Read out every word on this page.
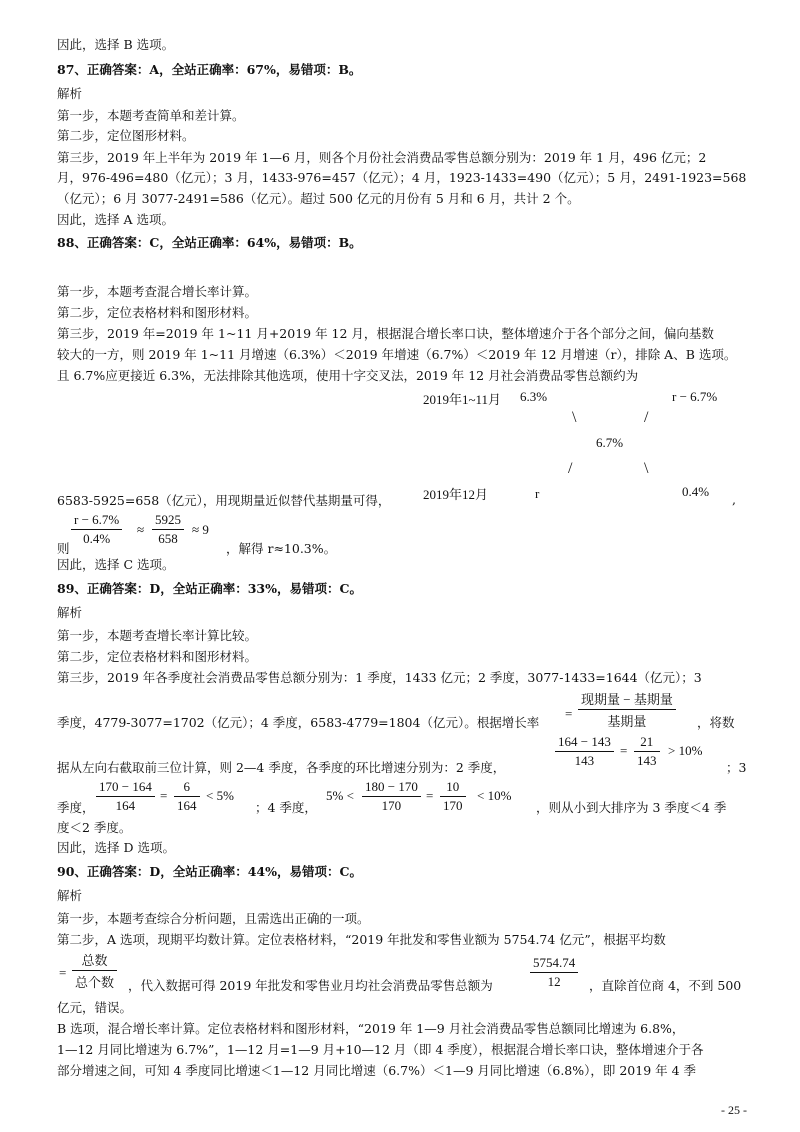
因此，选择 B 选项。
87、正确答案：A，全站正确率：67%，易错项：B。
解析
第一步，本题考查简单和差计算。
第二步，定位图形材料。
第三步，2019 年上半年为 2019 年 1—6 月，则各个月份社会消费品零售总额分别为：2019 年 1 月，496 亿元；2
月，976-496=480（亿元）；3 月，1433-976=457（亿元）；4 月，1923-1433=490（亿元）；5 月，2491-1923=568
（亿元）；6 月 3077-2491=586（亿元）。超过 500 亿元的月份有 5 月和 6 月，共计 2 个。
因此，选择 A 选项。
88、正确答案：C，全站正确率：64%，易错项：B。
第一步，本题考查混合增长率计算。
第二步，定位表格材料和图形材料。
第三步，2019 年=2019 年 1~11 月+2019 年 12 月，根据混合增长率口诀，整体增速介于各个部分之间，偏向基数
较大的一方，则 2019 年 1~11 月增速（6.3%）＜2019 年增速（6.7%）＜2019 年 12 月增速（r），排除 A、B 选项。
且 6.7%应更接近 6.3%，无法排除其他选项，使用十字交叉法，2019 年 12 月社会消费品零售总额约为
2019年1~11月 6.3%	r − 6.7%
\	/
6.7%
/	\
2019年12月	r	0.4%
,
6583-5925=658（亿元），用现期量近似替代基期量可得，
则
$\frac{r - 6.7\%}{0.4\%} \approx \frac{5925}{658} \approx 9$
，解得 r≈10.3%。
因此，选择 C 选项。
89、正确答案：D，全站正确率：33%，易错项：C。
解析
第一步，本题考查增长率计算比较。
第二步，定位表格材料和图形材料。
第三步，2019 年各季度社会消费品零售总额分别为：1 季度，1433 亿元；2 季度，3077-1433=1644（亿元）；3
季度，4779-3077=1702（亿元）；4 季度，6583-4779=1804（亿元）。根据增长率
=
现期量 − 基期量
基期量	，将数
据从左向右截取前三位计算，则 2—4 季度，各季度的环比增速分别为：2 季度，	$\frac{164 - 143}{143} = \frac{21}{143} > 10\%$
；3
季度， $\frac{170 - 164}{164} = \frac{6}{164} < 5\%$
；4 季度，
$5\% < \frac{180 - 170}{170} = \frac{10}{170} < 10\%$
，则从小到大排序为 3 季度＜4 季
度＜2 季度。
因此，选择 D 选项。
90、正确答案：D，全站正确率：44%，易错项：C。
解析
第一步，本题考查综合分析问题，且需选出正确的一项。
第二步，A 选项，现期平均数计算。定位表格材料，“2019 年批发和零售业额为 5754.74 亿元”，根据平均数
=
总数
总个数 ，代入数据可得 2019 年批发和零售业月均社会消费品零售总额为	$\frac{5754.74}{12}$ ，直除首位商 4，不到 500
亿元，错误。
B 选项，混合增长率计算。定位表格材料和图形材料，“2019 年 1—9 月社会消费品零售总额同比增速为 6.8%，
1—12 月同比增速为 6.7%”，1—12 月=1—9 月+10—12 月（即 4 季度），根据混合增长率口诀，整体增速介于各
部分增速之间，可知 4 季度同比增速＜1—12 月同比增速（6.7%）＜1—9 月同比增速（6.8%），即 2019 年 4 季
- 25 -
